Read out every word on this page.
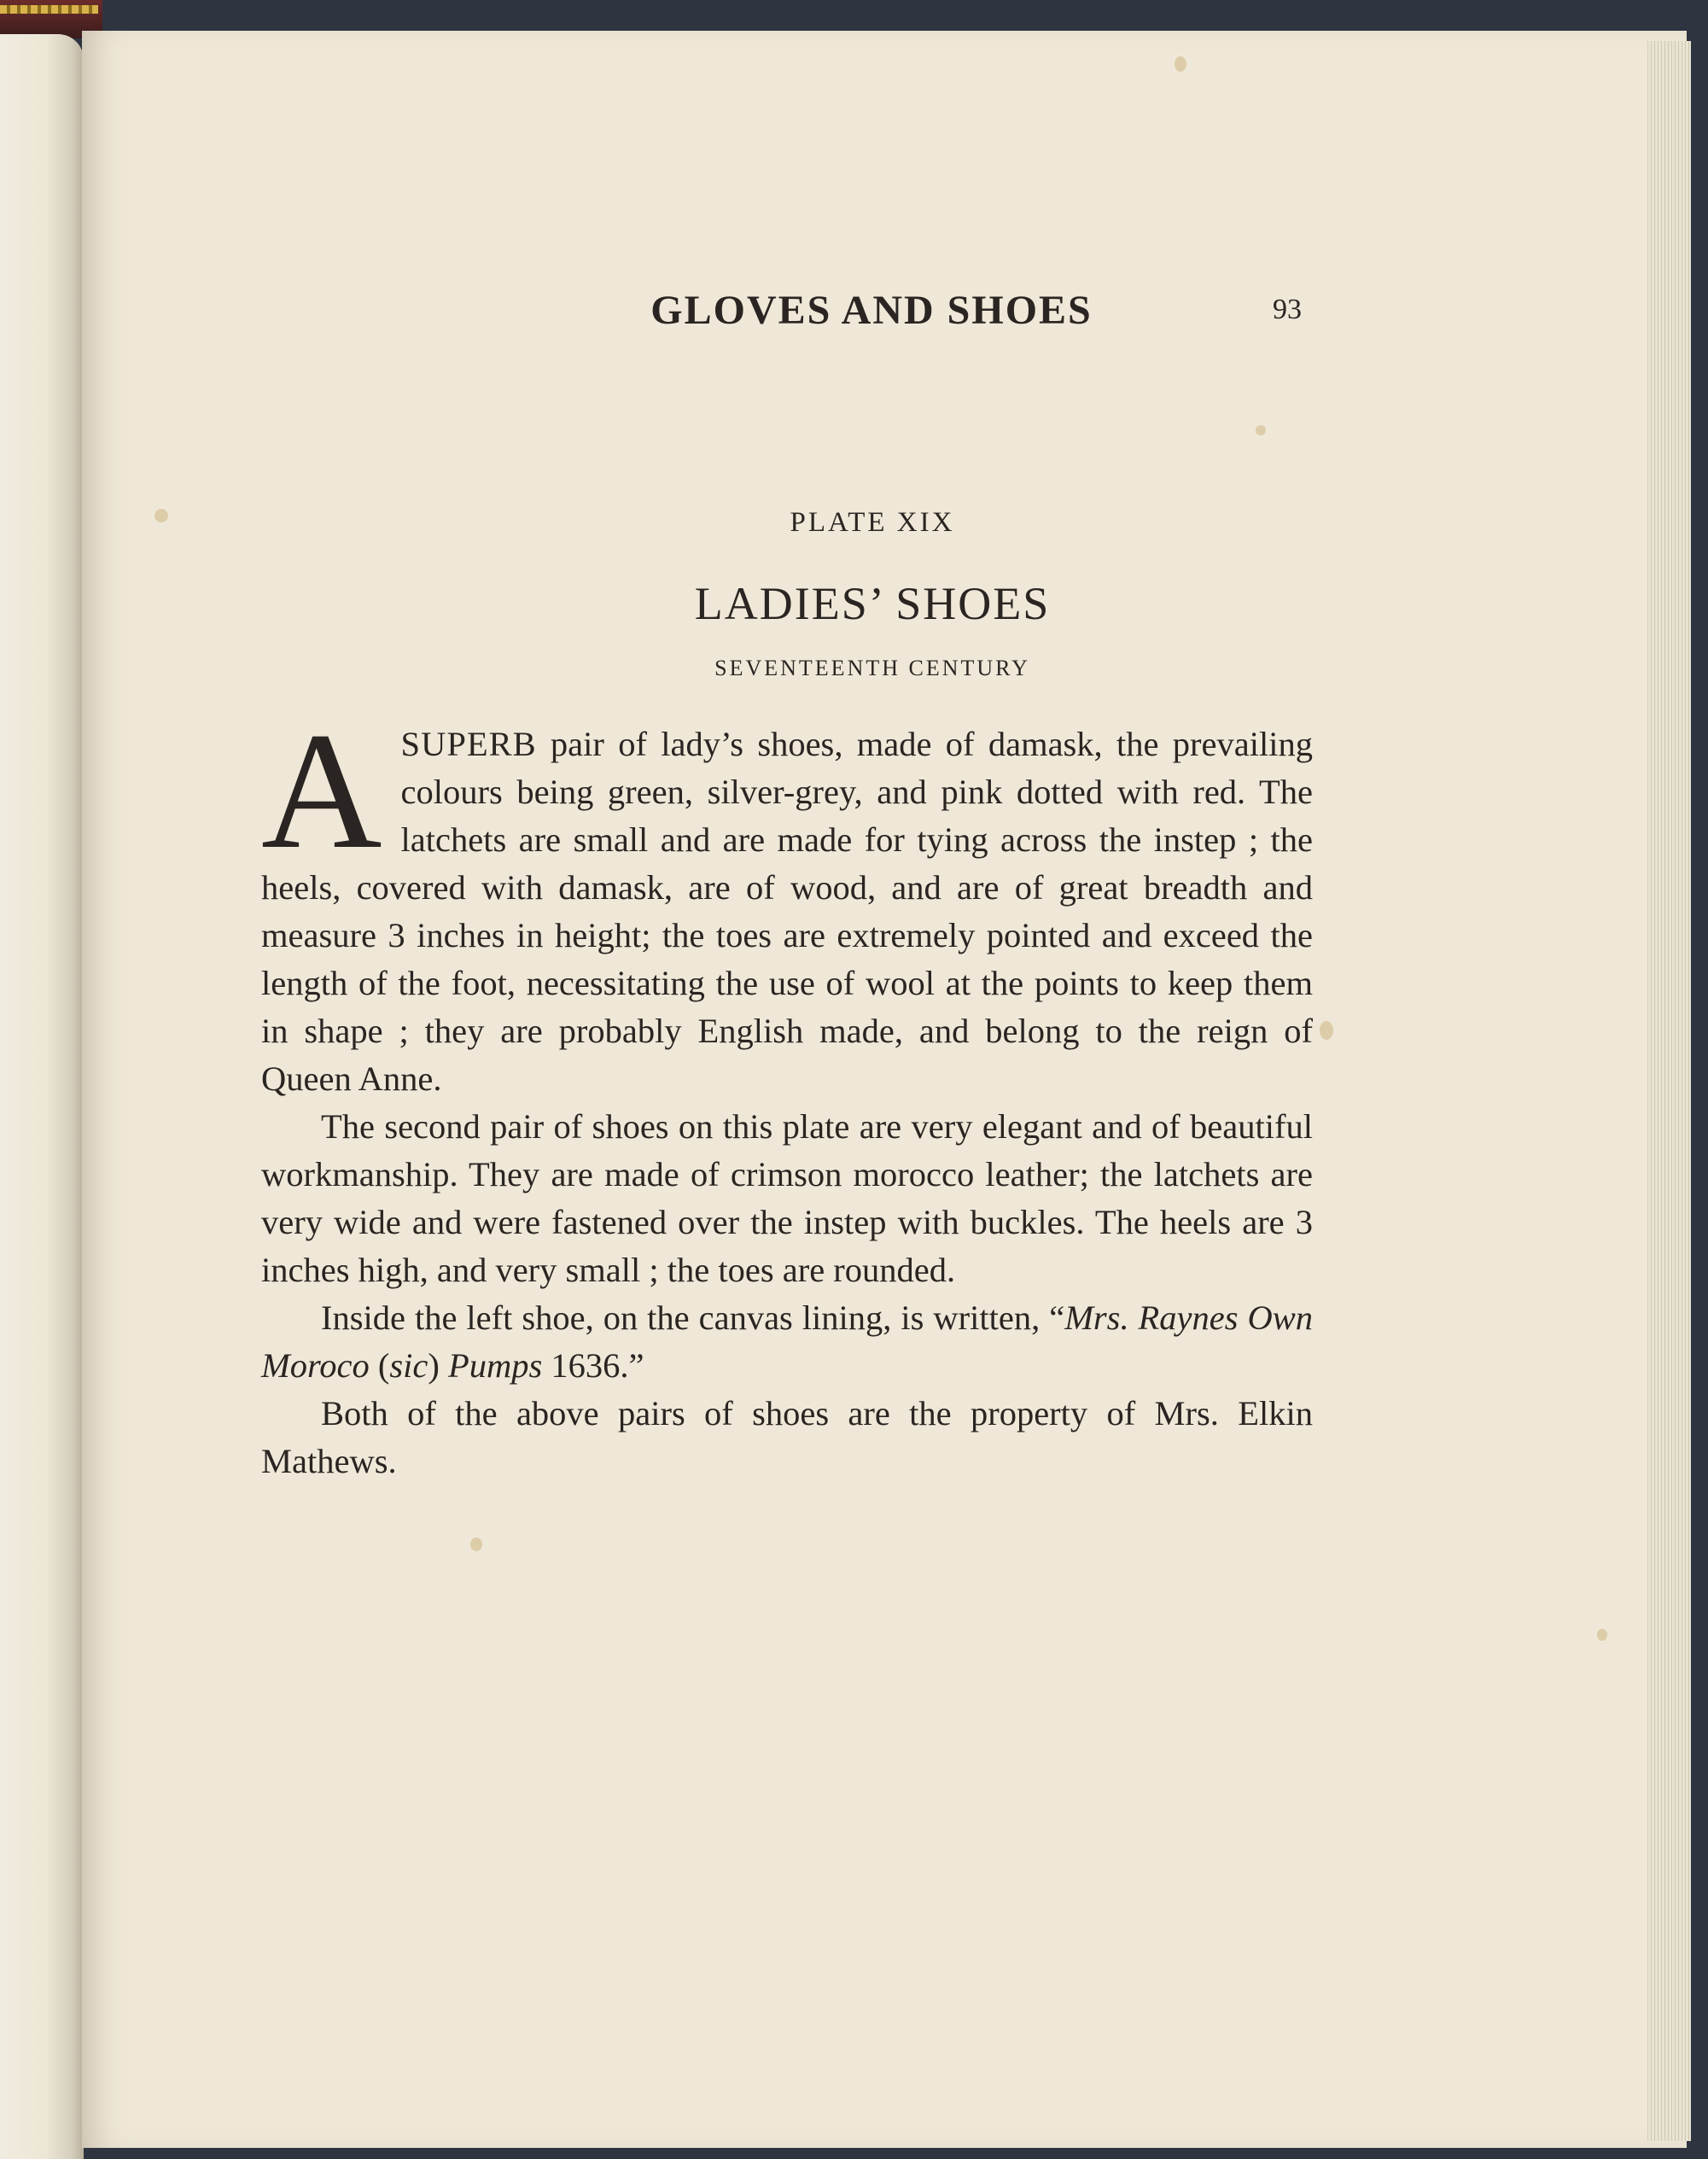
GLOVES AND SHOES	93
PLATE XIX
LADIES’ SHOES
SEVENTEENTH CENTURY

ASUPERB pair of lady’s shoes, made of damask, the prevailing colours being green, silver-grey, and pink dotted with red. The latchets are small and are made for tying across the instep ; the heels, covered with damask, are of wood, and are of great breadth and measure 3 inches in height; the toes are extremely pointed and exceed the length of the foot, necessitating the use of wool at the points to keep them in shape ; they are probably English made, and belong to the reign of Queen Anne.

The second pair of shoes on this plate are very elegant and of beautiful workmanship. They are made of crimson morocco leather; the latchets are very wide and were fastened over the instep with buckles. The heels are 3 inches high, and very small ; the toes are rounded.

Inside the left shoe, on the canvas lining, is written, “Mrs. Raynes Own Moroco (sic) Pumps 1636.”

Both of the above pairs of shoes are the property of Mrs. Elkin Mathews.
